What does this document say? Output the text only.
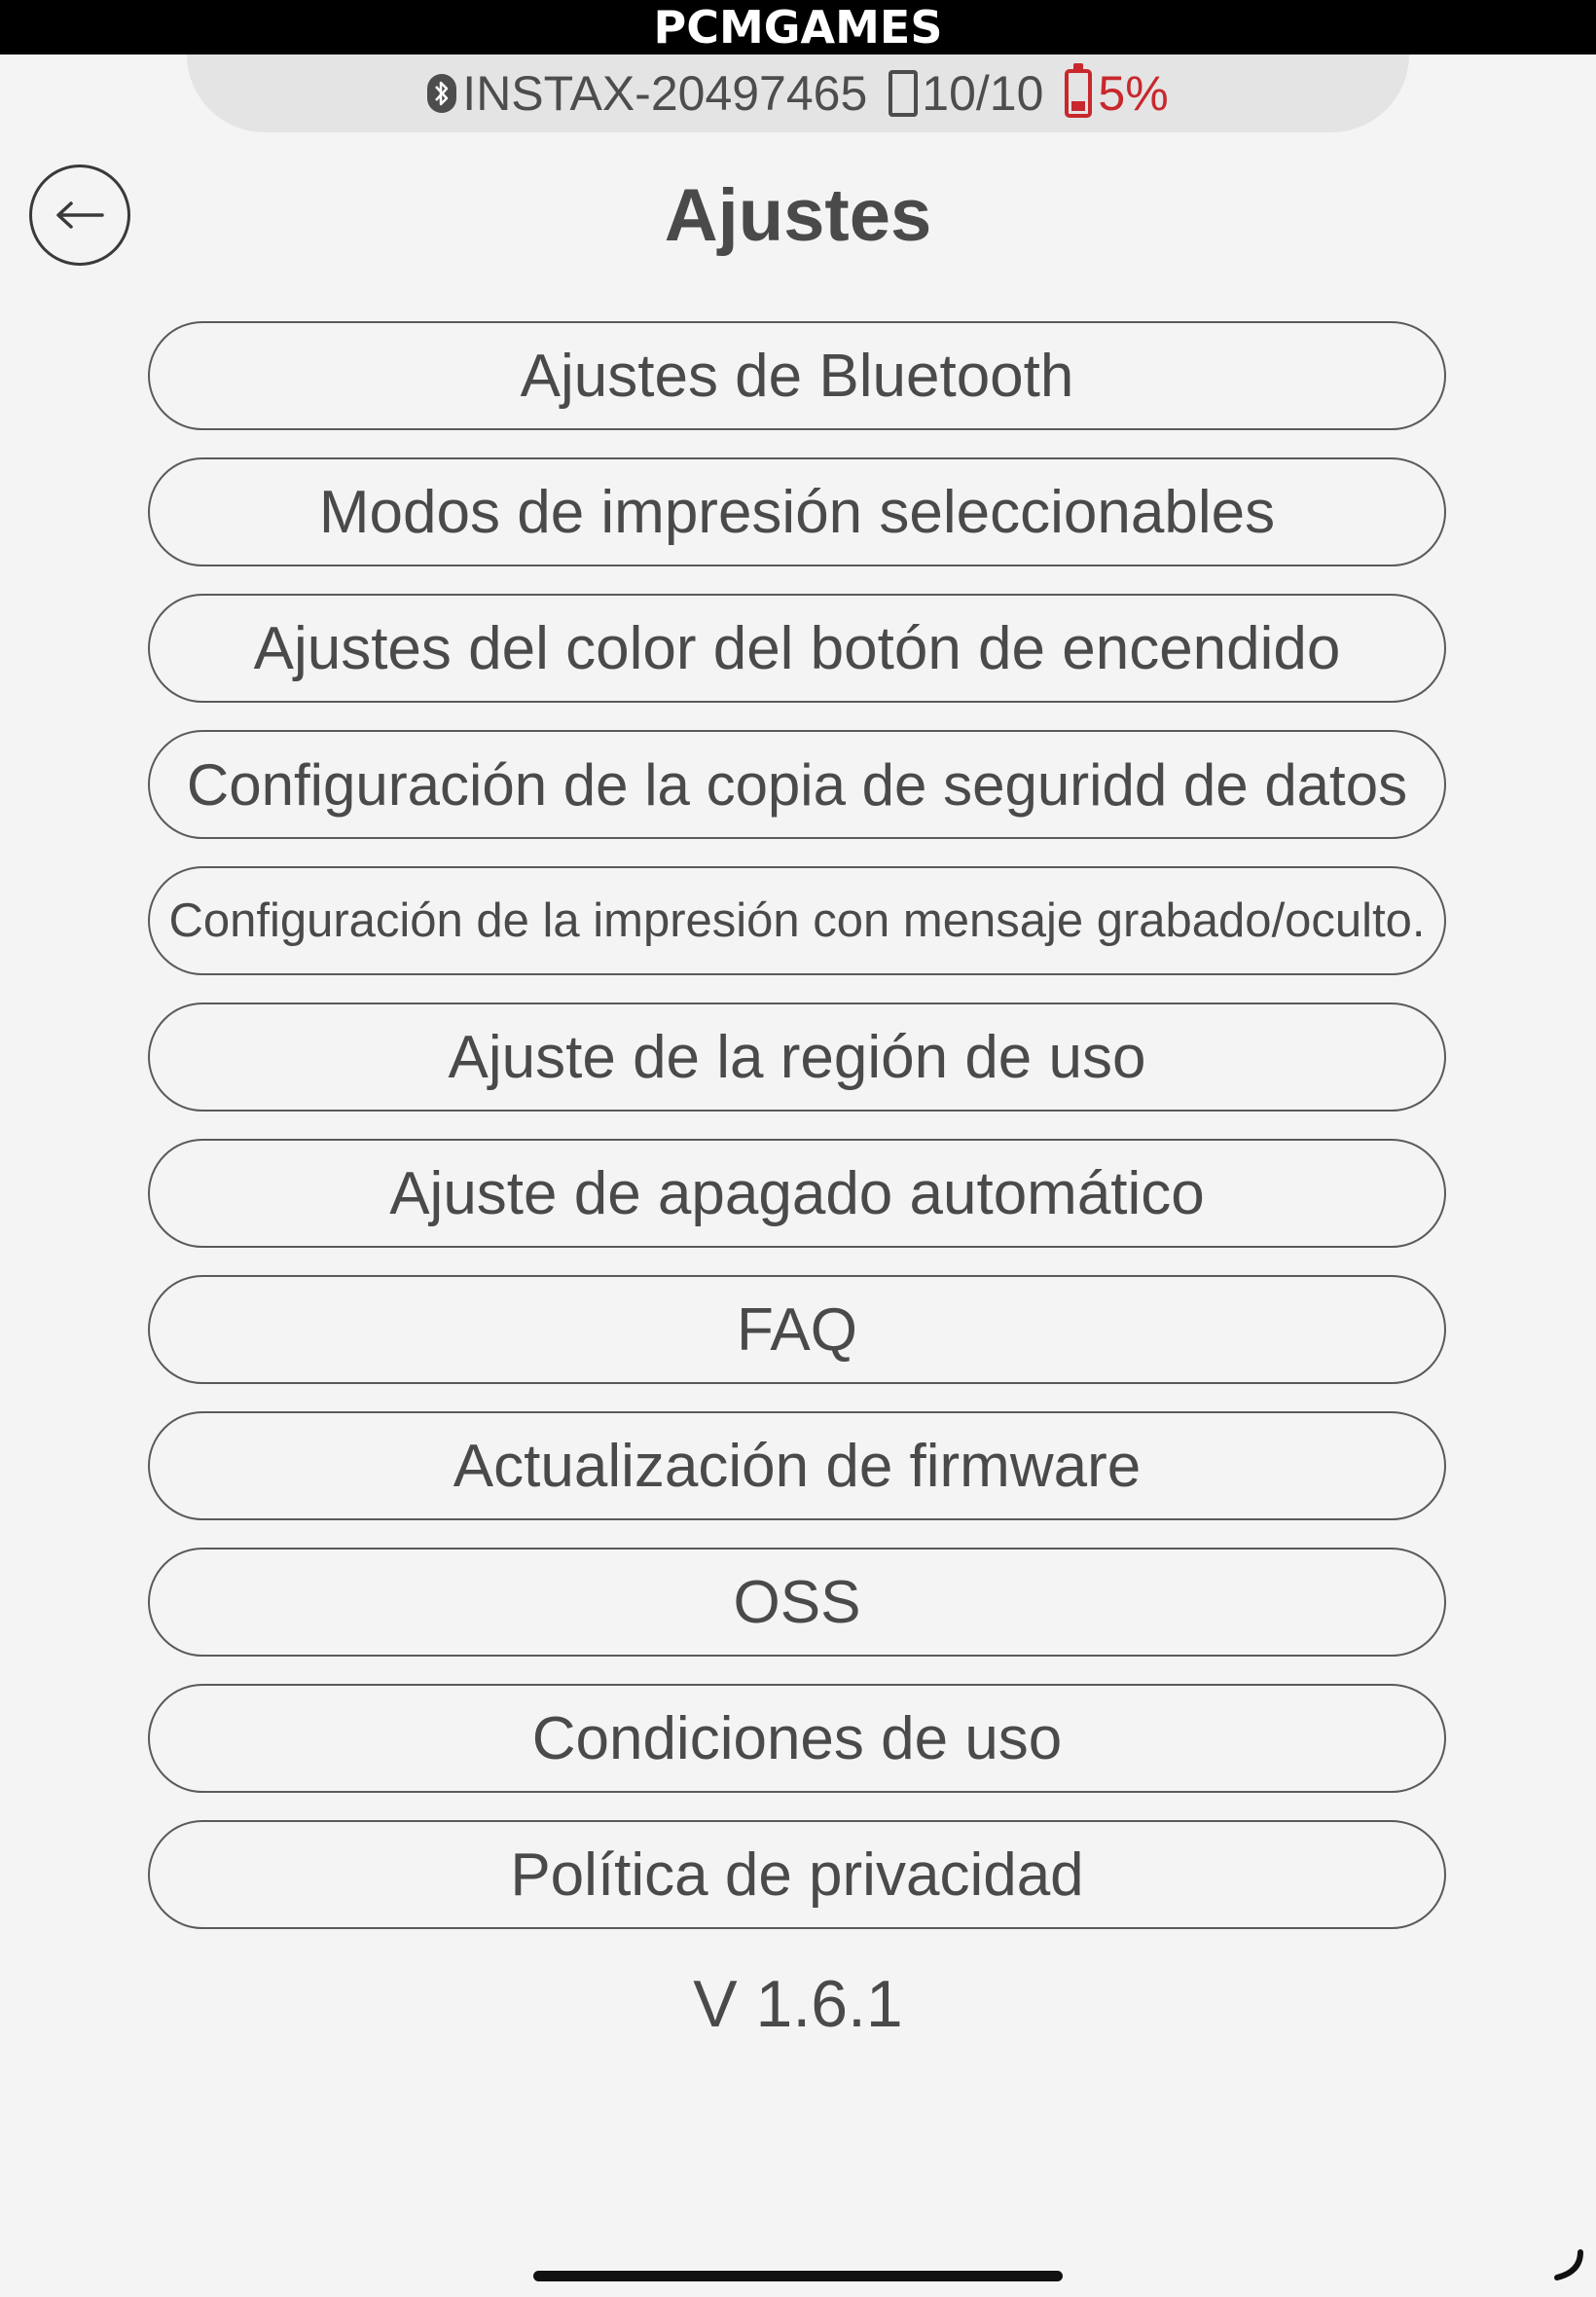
PCMGAMES
INSTAX-20497465 10/10 5%
Ajustes
Ajustes de Bluetooth
Modos de impresión seleccionables
Ajustes del color del botón de encendido
Configuración de la copia de seguridd de datos
Configuración de la impresión con mensaje grabado/oculto.
Ajuste de la región de uso
Ajuste de apagado automático
FAQ
Actualización de firmware
OSS
Condiciones de uso
Política de privacidad
V 1.6.1
